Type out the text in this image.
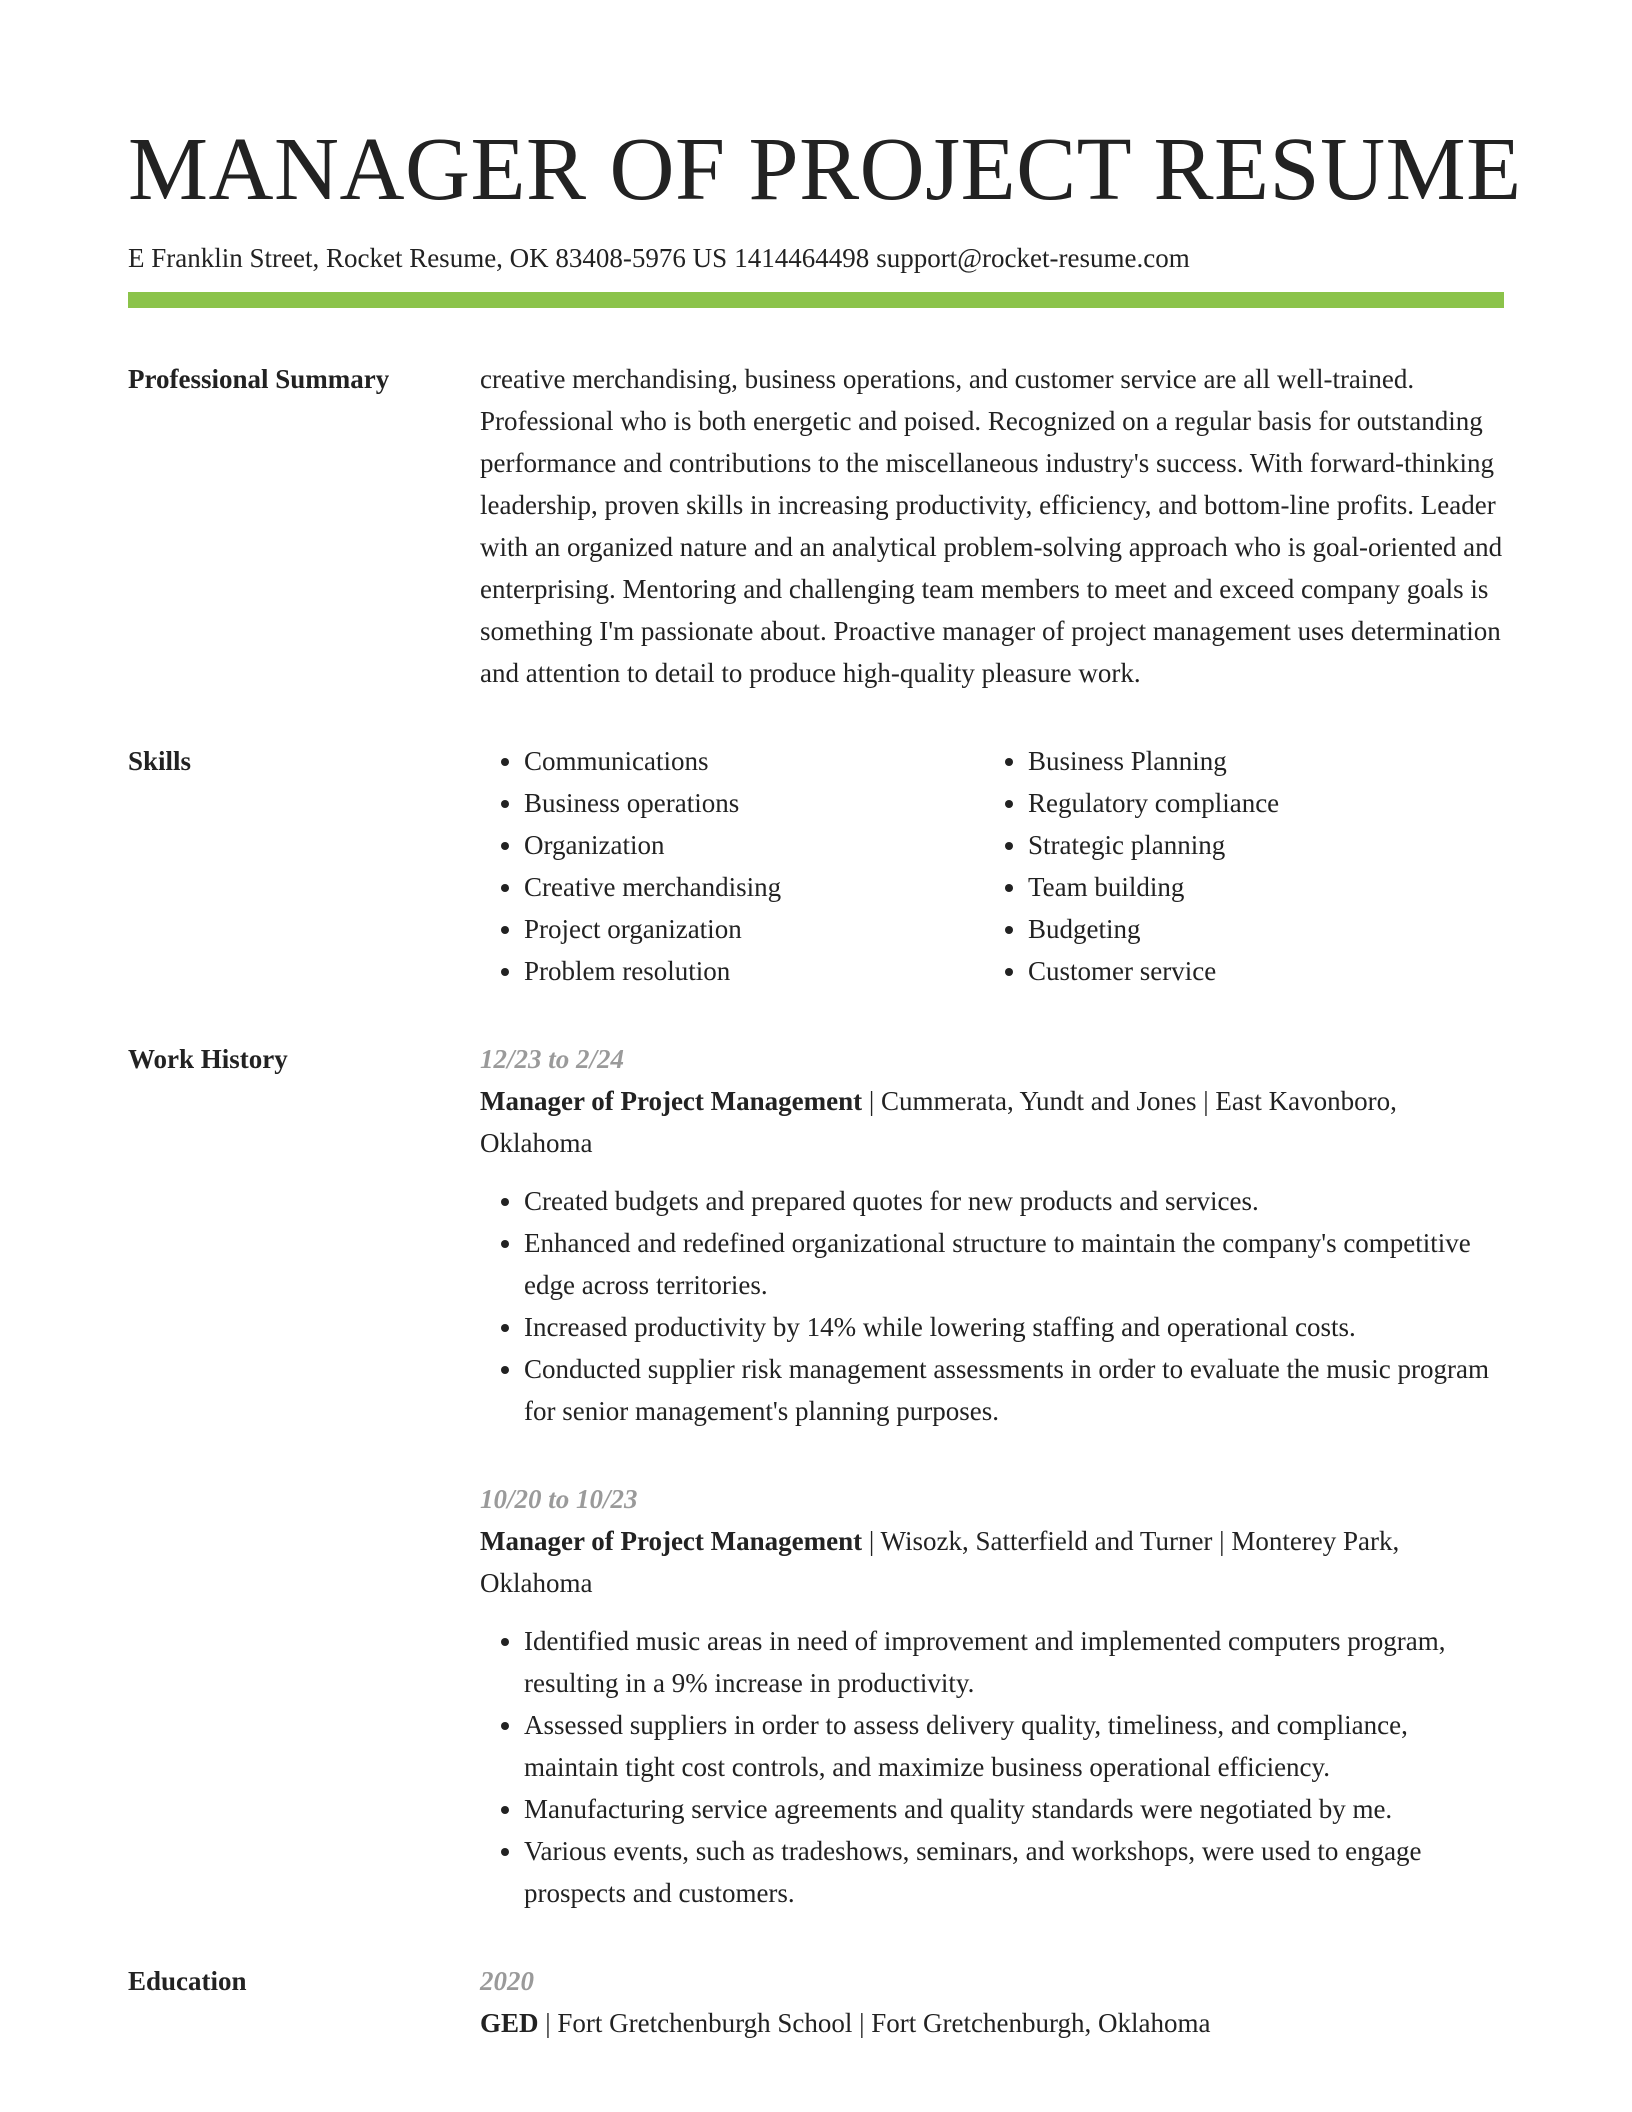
MANAGER OF PROJECT RESUME
E Franklin Street, Rocket Resume, OK 83408-5976 US 1414464498 support@rocket-resume.com
Professional Summary	creative merchandising, business operations, and customer service are all well-trained. Professional who is both energetic and poised. Recognized on a regular basis for outstanding performance and contributions to the miscellaneous industry's success. With forward-thinking leadership, proven skills in increasing productivity, efficiency, and bottom-line profits. Leader with an organized nature and an analytical problem-solving approach who is goal-oriented and enterprising. Mentoring and challenging team members to meet and exceed company goals is something I'm passionate about. Proactive manager of project management uses determination and attention to detail to produce high-quality pleasure work.

Skills
•	Communications
• Business operations
• Organization
• Creative merchandising
• Project organization
• Problem resolution
• Business Planning
• Regulatory compliance
• Strategic planning
• Team building
• Budgeting
• Customer service
Work History	12/23 to 2/24
Manager of Project Management | Cummerata, Yundt and Jones | East Kavonboro, Oklahoma
• Created budgets and prepared quotes for new products and services.
• Enhanced and redefined organizational structure to maintain the company's competitive edge across territories.
• Increased productivity by 14% while lowering staffing and operational costs.
• Conducted supplier risk management assessments in order to evaluate the music program for senior management's planning purposes.
10/20 to 10/23
Manager of Project Management | Wisozk, Satterfield and Turner | Monterey Park, Oklahoma
• Identified music areas in need of improvement and implemented computers program, resulting in a 9% increase in productivity.
• Assessed suppliers in order to assess delivery quality, timeliness, and compliance, maintain tight cost controls, and maximize business operational efficiency.
• Manufacturing service agreements and quality standards were negotiated by me.
• Various events, such as tradeshows, seminars, and workshops, were used to engage prospects and customers.
Education	2020
GED | Fort Gretchenburgh School | Fort Gretchenburgh, Oklahoma
